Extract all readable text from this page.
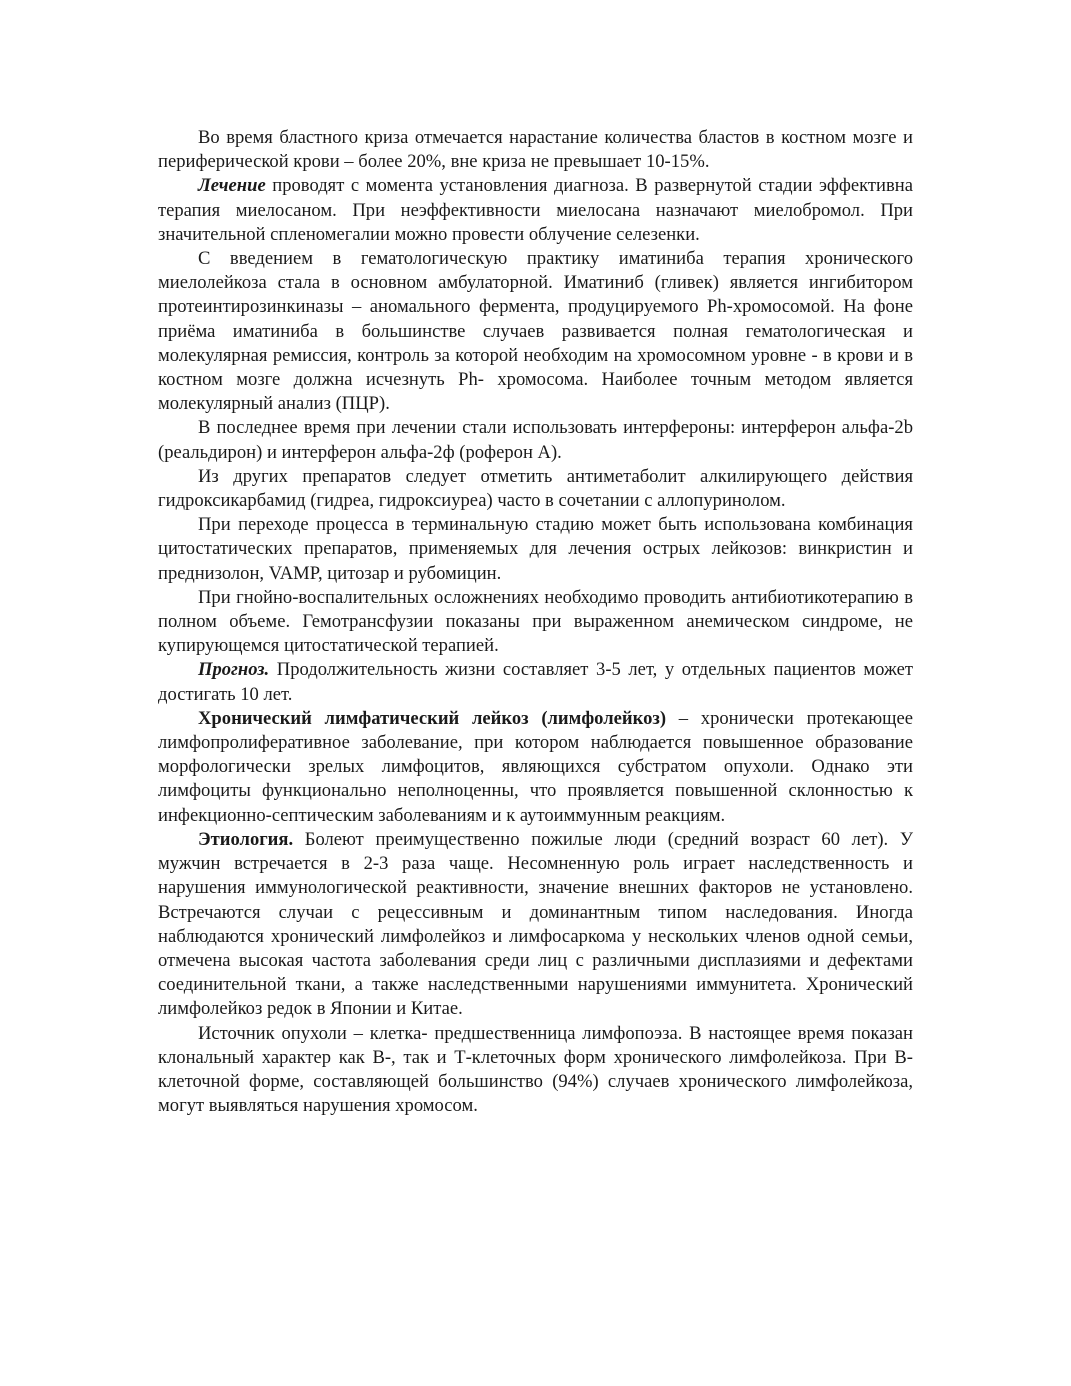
Во время бластного криза отмечается нарастание количества бластов в костном мозге и периферической крови – более 20%, вне криза не превышает 10-15%.

Лечение проводят с момента установления диагноза. В развернутой стадии эффективна терапия миелосаном. При неэффективности миелосана назначают миелобромол. При значительной спленомегалии можно провести облучение селезенки.

С введением в гематологическую практику иматиниба терапия хронического миелолейкоза стала в основном амбулаторной. Иматиниб (гливек) является ингибитором протеинтирозинкиназы – аномального фермента, продуцируемого Ph-хромосомой. На фоне приёма иматиниба в большинстве случаев развивается полная гематологическая и молекулярная ремиссия, контроль за которой необходим на хромосомном уровне - в крови и в костном мозге должна исчезнуть Ph- хромосома. Наиболее точным методом является молекулярный анализ (ПЦР).

В последнее время при лечении стали использовать интерфероны: интерферон альфа-2b (реальдирон) и интерферон альфа-2ф (роферон А).

Из других препаратов следует отметить антиметаболит алкилирующего действия гидроксикарбамид (гидреа, гидроксиуреа) часто в сочетании с аллопуринолом.

При переходе процесса в терминальную стадию может быть использована комбинация цитостатических препаратов, применяемых для лечения острых лейкозов: винкристин и преднизолон, VAMP, цитозар и рубомицин.

При гнойно-воспалительных осложнениях необходимо проводить антибиотикотерапию в полном объеме. Гемотрансфузии показаны при выраженном анемическом синдроме, не купирующемся цитостатической терапией.

Прогноз. Продолжительность жизни составляет 3-5 лет, у отдельных пациентов может достигать 10 лет.

Хронический лимфатический лейкоз (лимфолейкоз) – хронически протекающее лимфопролиферативное заболевание, при котором наблюдается повышенное образование морфологически зрелых лимфоцитов, являющихся субстратом опухоли. Однако эти лимфоциты функционально неполноценны, что проявляется повышенной склонностью к инфекционно-септическим заболеваниям и к аутоиммунным реакциям.

Этиология. Болеют преимущественно пожилые люди (средний возраст 60 лет). У мужчин встречается в 2-3 раза чаще. Несомненную роль играет наследственность и нарушения иммунологической реактивности, значение внешних факторов не установлено. Встречаются случаи с рецессивным и доминантным типом наследования. Иногда наблюдаются хронический лимфолейкоз и лимфосаркома у нескольких членов одной семьи, отмечена высокая частота заболевания среди лиц с различными дисплазиями и дефектами соединительной ткани, а также наследственными нарушениями иммунитета. Хронический лимфолейкоз редок в Японии и Китае.

Источник опухоли – клетка- предшественница лимфопоэза. В настоящее время показан клональный характер как В-, так и Т-клеточных форм хронического лимфолейкоза. При В-клеточной форме, составляющей большинство (94%) случаев хронического лимфолейкоза, могут выявляться нарушения хромосом.
